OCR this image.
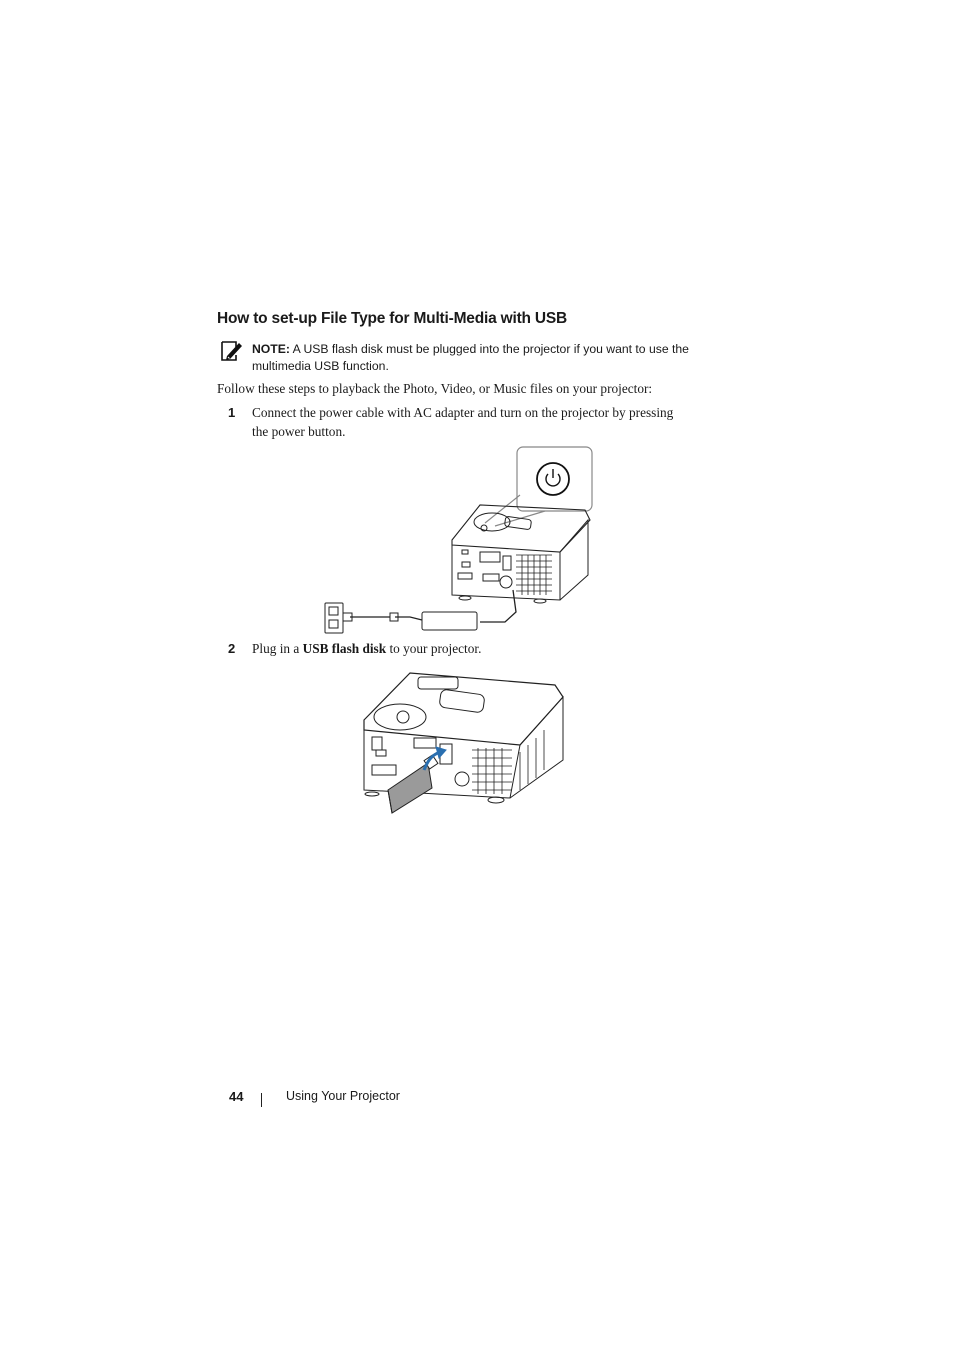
How to set-up File Type for Multi-Media with USB
NOTE: A USB flash disk must be plugged into the projector if you want to use the multimedia USB function.
Follow these steps to playback the Photo, Video, or Music files on your projector:
1 Connect the power cable with AC adapter and turn on the projector by pressing the power button.
2 Plug in a USB flash disk to your projector.
44	Using Your Projector
